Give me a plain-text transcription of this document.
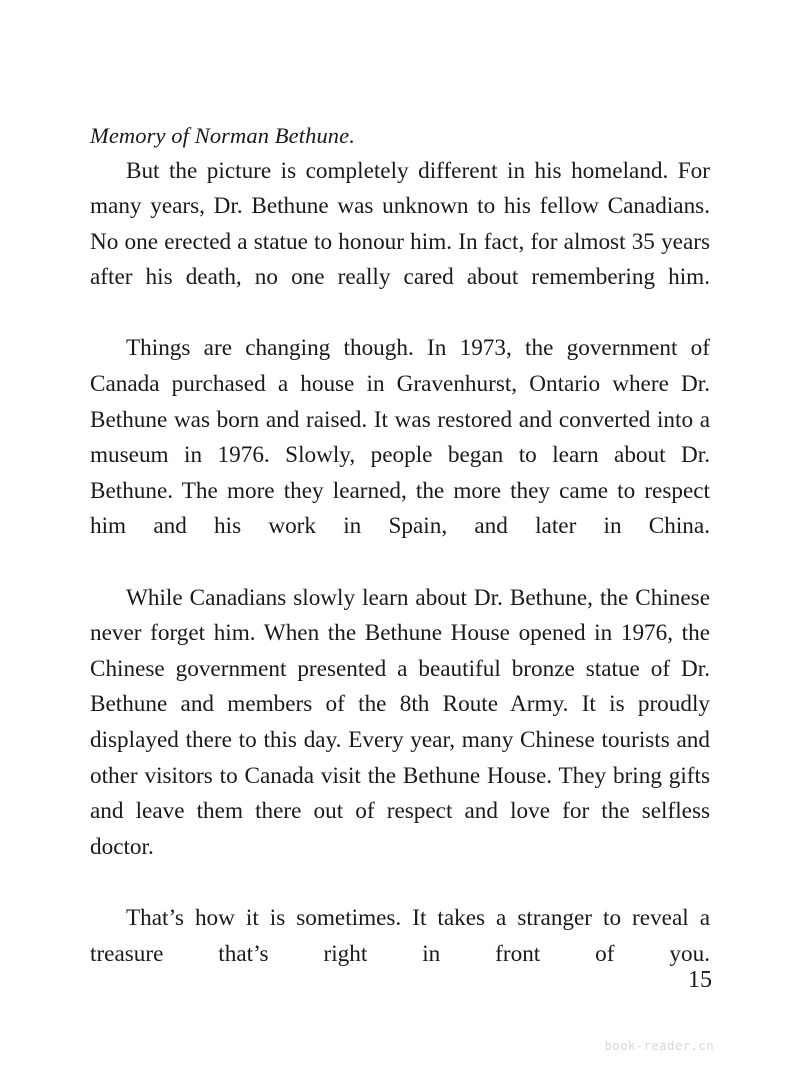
Memory of Norman Bethune.

But the picture is completely different in his homeland. For many years, Dr. Bethune was unknown to his fellow Canadians. No one erected a statue to honour him. In fact, for almost 35 years after his death, no one really cared about remembering him.

Things are changing though. In 1973, the government of Canada purchased a house in Gravenhurst, Ontario where Dr. Bethune was born and raised. It was restored and converted into a museum in 1976. Slowly, people began to learn about Dr. Bethune. The more they learned, the more they came to respect him and his work in Spain, and later in China.

While Canadians slowly learn about Dr. Bethune, the Chinese never forget him. When the Bethune House opened in 1976, the Chinese government presented a beautiful bronze statue of Dr. Bethune and members of the 8th Route Army. It is proudly displayed there to this day. Every year, many Chinese tourists and other visitors to Canada visit the Bethune House. They bring gifts and leave them there out of respect and love for the selfless doctor.

That’s how it is sometimes. It takes a stranger to reveal a treasure that’s right in front of you.

15
book-reader.cn
